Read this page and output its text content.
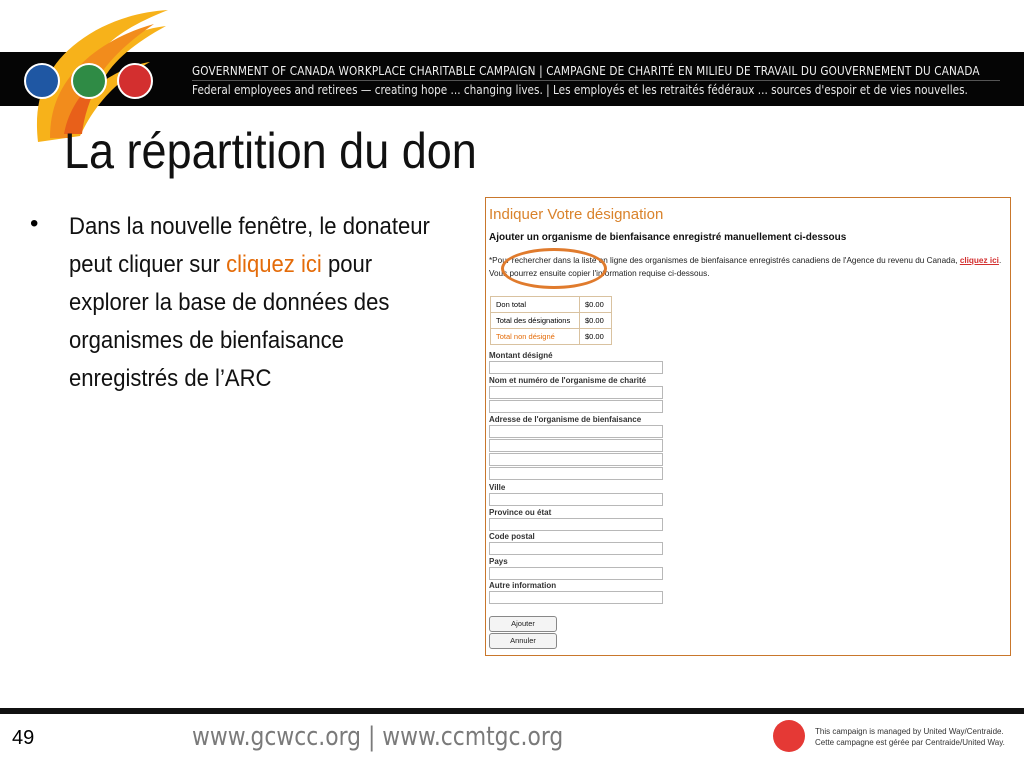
GOVERNMENT OF CANADA WORKPLACE CHARITABLE CAMPAIGN | CAMPAGNE DE CHARITÉ EN MILIEU DE TRAVAIL DU GOUVERNEMENT DU CANADA
Federal employees and retirees — creating hope ... changing lives. | Les employés et les retraités fédéraux ... sources d'espoir et de vies nouvelles.
La répartition du don
• Dans la nouvelle fenêtre, le donateur peut cliquer sur cliquez ici pour explorer la base de données des organismes de bienfaisance enregistrés de l’ARC
Indiquer Votre désignation
Ajouter un organisme de bienfaisance enregistré manuellement ci-dessous
*Pour rechercher dans la liste en ligne des organismes de bienfaisance enregistrés canadiens de l'Agence du revenu du Canada, cliquez ici. Vous pourrez ensuite copier l'information requise ci-dessous.
Don total	$0.00
Total des désignations	$0.00
Total non désigné	$0.00
Montant désigné
Nom et numéro de l'organisme de charité
Adresse de l'organisme de bienfaisance
Ville
Province ou état
Code postal
Pays
Autre information
Ajouter
Annuler
49	www.gcwcc.org | www.ccmtgc.org	This campaign is managed by United Way/Centraide.
Cette campagne est gérée par Centraide/United Way.
